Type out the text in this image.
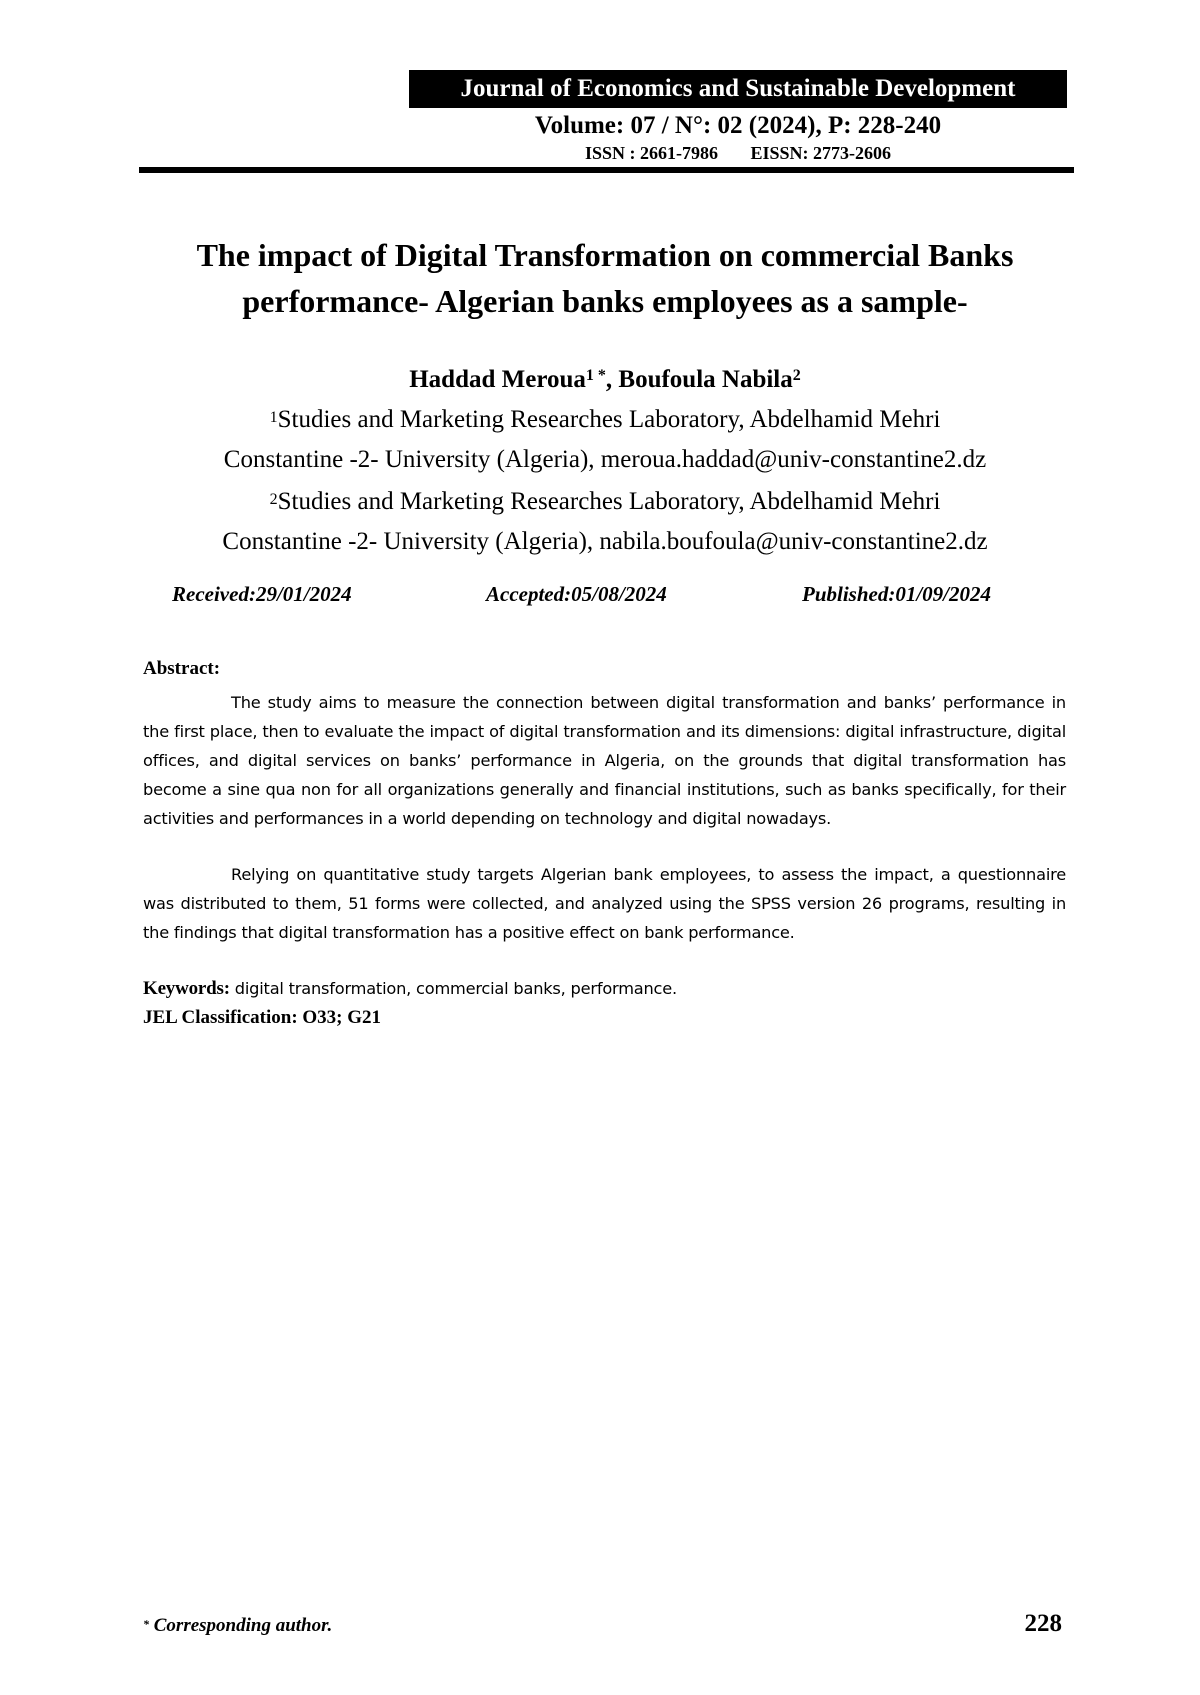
Journal of Economics and Sustainable Development
Volume: 07 / N°: 02 (2024), P: 228-240
ISSN : 2661-7986 EISSN: 2773-2606
The impact of Digital Transformation on commercial Banks
performance- Algerian banks employees as a sample-
Haddad Meroua$^{1 *}$, Boufoula Nabila$^2$
$^1$Studies and Marketing Researches Laboratory, Abdelhamid Mehri
Constantine -2- University (Algeria), meroua.haddad@univ-constantine2.dz
$^2$Studies and Marketing Researches Laboratory, Abdelhamid Mehri
Constantine -2- University (Algeria), nabila.boufoula@univ-constantine2.dz
Received:29/01/2024	Accepted:05/08/2024	Published:01/09/2024
Abstract:

The study aims to measure the connection between digital transformation and banks’ performance in the first place, then to evaluate the impact of digital transformation and its dimensions: digital infrastructure, digital offices, and digital services on banks’ performance in Algeria, on the grounds that digital transformation has become a sine qua non for all organizations generally and financial institutions, such as banks specifically, for their activities and performances in a world depending on technology and digital nowadays.

Relying on quantitative study targets Algerian bank employees, to assess the impact, a questionnaire was distributed to them, 51 forms were collected, and analyzed using the SPSS version 26 programs, resulting in the findings that digital transformation has a positive effect on bank performance.

Keywords: digital transformation, commercial banks, performance.
JEL Classification: O33; G21
* Corresponding author.	228
